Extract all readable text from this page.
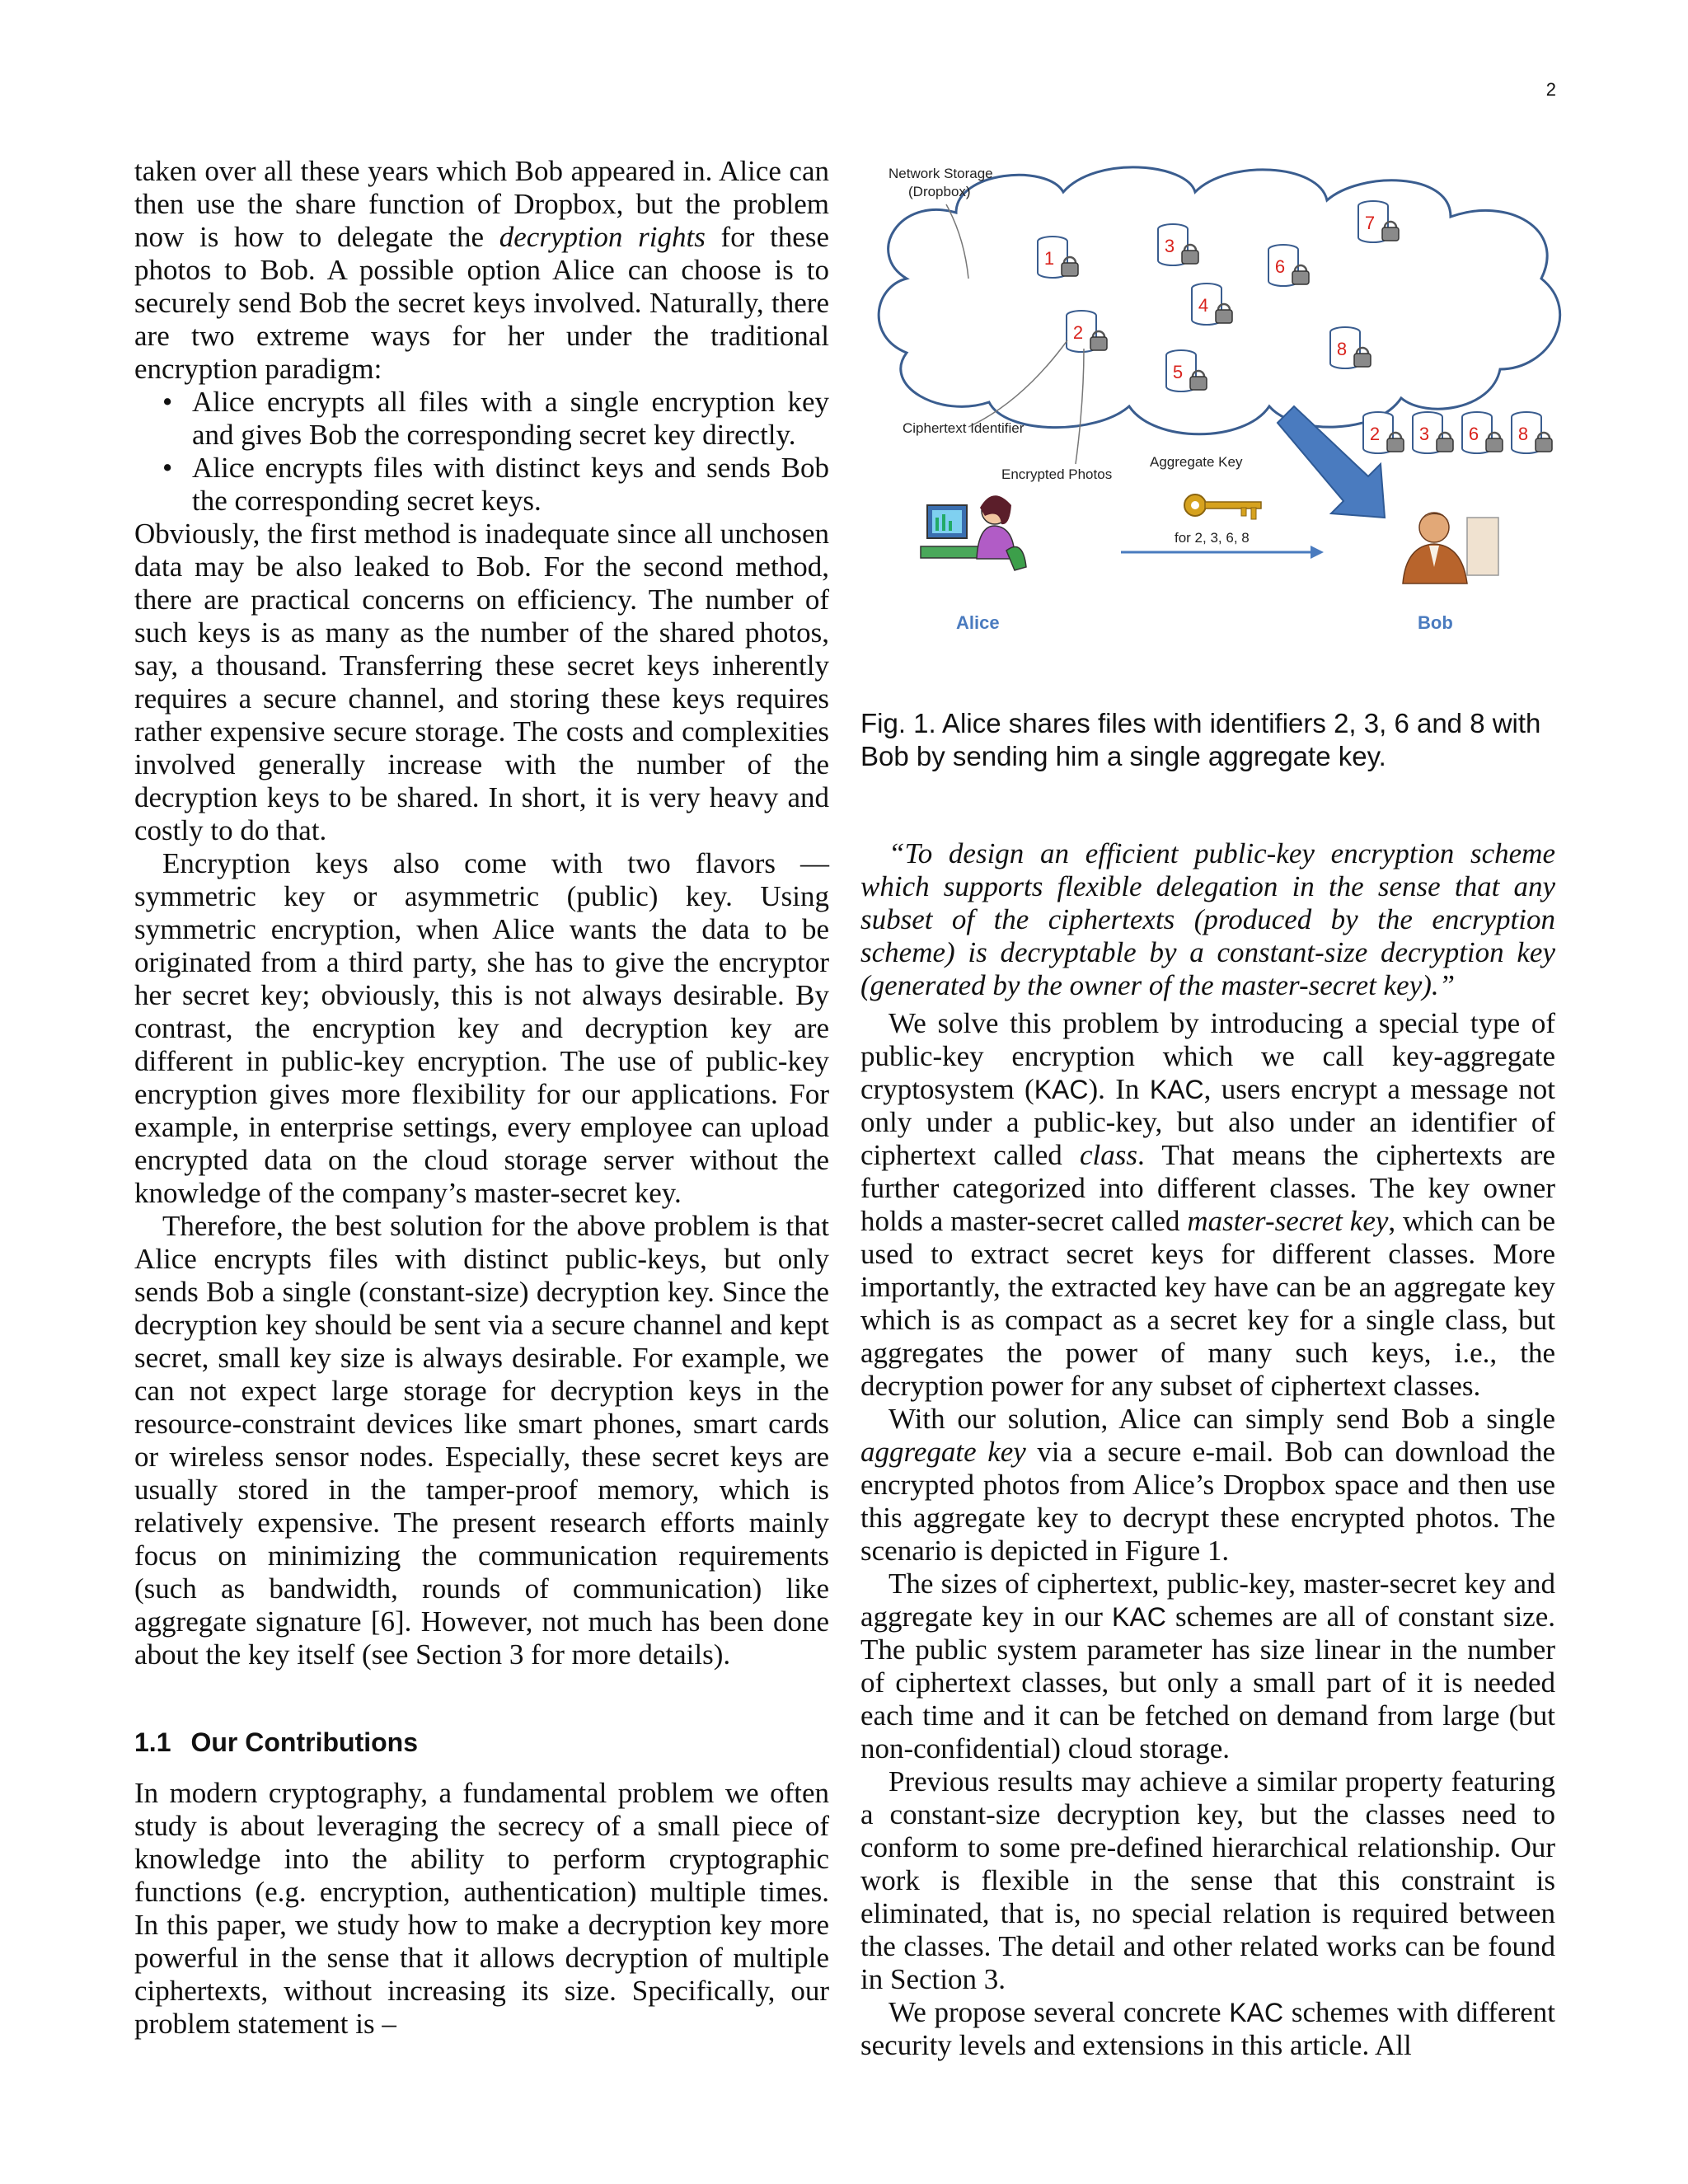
2

taken over all these years which Bob appeared in. Alice can then use the share function of Dropbox, but the problem now is how to delegate the decryption rights for these photos to Bob. A possible option Alice can choose is to securely send Bob the secret keys involved. Naturally, there are two extreme ways for her under the traditional encryption paradigm:

• Alice encrypts all files with a single encryption key and gives Bob the corresponding secret key directly.
• Alice encrypts files with distinct keys and sends Bob the corresponding secret keys.

Obviously, the first method is inadequate since all unchosen data may be also leaked to Bob. For the second method, there are practical concerns on efficiency. The number of such keys is as many as the number of the shared photos, say, a thousand. Transferring these secret keys inherently requires a secure channel, and storing these keys requires rather expensive secure storage. The costs and complexities involved generally increase with the number of the decryption keys to be shared. In short, it is very heavy and costly to do that.

Encryption keys also come with two flavors — symmetric key or asymmetric (public) key. Using symmetric encryption, when Alice wants the data to be originated from a third party, she has to give the encryptor her secret key; obviously, this is not always desirable. By contrast, the encryption key and decryption key are different in public-key encryption. The use of public-key encryption gives more flexibility for our applications. For example, in enterprise settings, every employee can upload encrypted data on the cloud storage server without the knowledge of the company’s master-secret key.

Therefore, the best solution for the above problem is that Alice encrypts files with distinct public-keys, but only sends Bob a single (constant-size) decryption key. Since the decryption key should be sent via a secure channel and kept secret, small key size is always desirable. For example, we can not expect large storage for decryption keys in the resource-constraint devices like smart phones, smart cards or wireless sensor nodes. Especially, these secret keys are usually stored in the tamper-proof memory, which is relatively expensive. The present research efforts mainly focus on minimizing the communication requirements (such as bandwidth, rounds of communication) like aggregate signature [6]. However, not much has been done about the key itself (see Section 3 for more details).

1.1 Our Contributions

In modern cryptography, a fundamental problem we often study is about leveraging the secrecy of a small piece of knowledge into the ability to perform cryptographic functions (e.g. encryption, authentication) multiple times. In this paper, we study how to make a decryption key more powerful in the sense that it allows decryption of multiple ciphertexts, without increasing its size. Specifically, our problem statement is –

Network Storage
(Dropbox)
1
2
3
4
5
6
7
8
Ciphertext Identifier
Encrypted Photos
Aggregate Key
2 3 6 8
for 2, 3, 6, 8
Alice	Bob
Fig. 1. Alice shares files with identifiers 2, 3, 6 and 8 with Bob by sending him a single aggregate key.

“To design an efficient public-key encryption scheme which supports flexible delegation in the sense that any subset of the ciphertexts (produced by the encryption scheme) is decryptable by a constant-size decryption key (generated by the owner of the master-secret key).”

We solve this problem by introducing a special type of public-key encryption which we call key-aggregate cryptosystem (KAC). In KAC, users encrypt a message not only under a public-key, but also under an identifier of ciphertext called class. That means the ciphertexts are further categorized into different classes. The key owner holds a master-secret called master-secret key, which can be used to extract secret keys for different classes. More importantly, the extracted key have can be an aggregate key which is as compact as a secret key for a single class, but aggregates the power of many such keys, i.e., the decryption power for any subset of ciphertext classes.

With our solution, Alice can simply send Bob a single aggregate key via a secure e-mail. Bob can download the encrypted photos from Alice’s Dropbox space and then use this aggregate key to decrypt these encrypted photos. The scenario is depicted in Figure 1.

The sizes of ciphertext, public-key, master-secret key and aggregate key in our KAC schemes are all of constant size. The public system parameter has size linear in the number of ciphertext classes, but only a small part of it is needed each time and it can be fetched on demand from large (but non-confidential) cloud storage.

Previous results may achieve a similar property featuring a constant-size decryption key, but the classes need to conform to some pre-defined hierarchical relationship. Our work is flexible in the sense that this constraint is eliminated, that is, no special relation is required between the classes. The detail and other related works can be found in Section 3.

We propose several concrete KAC schemes with different security levels and extensions in this article. All
